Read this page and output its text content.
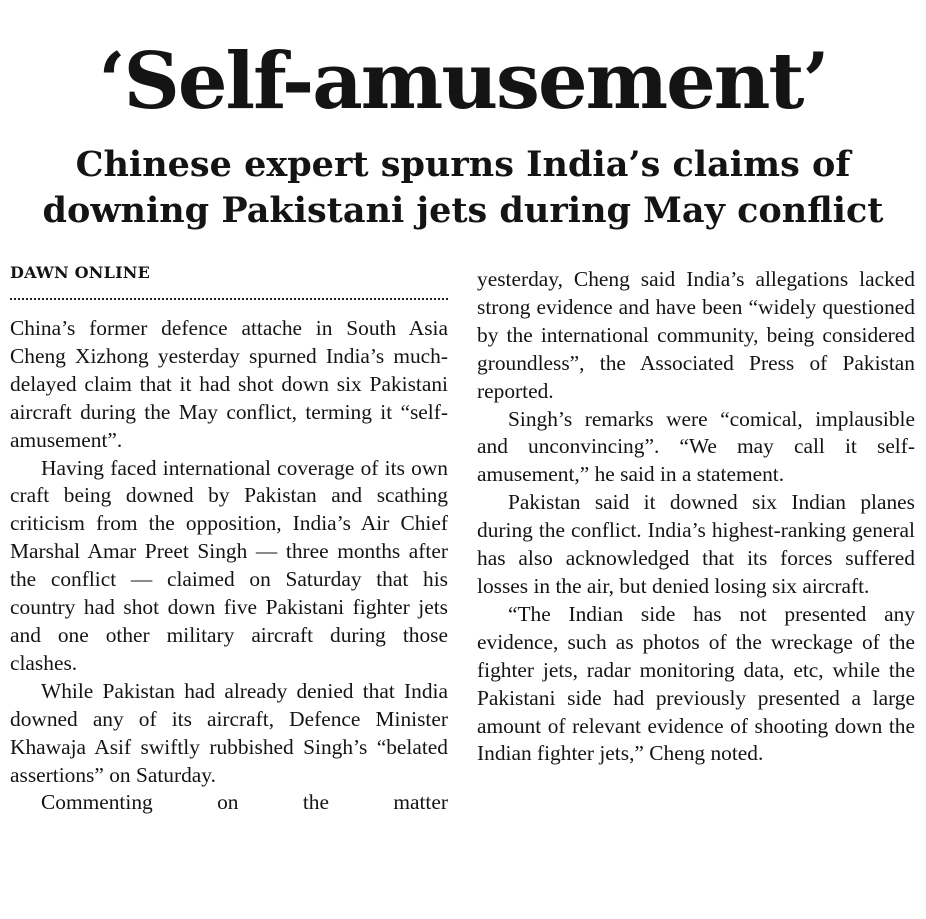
‘Self-amusement’
Chinese expert spurns India’s claims of
downing Pakistani jets during May conflict
DAWN ONLINE

China’s former defence attache in South Asia Cheng Xizhong yesterday spurned India’s much-delayed claim that it had shot down six Pakistani aircraft during the May conflict, terming it “self-amusement”.

Having faced international coverage of its own craft being downed by Pakistan and scathing criticism from the opposition, India’s Air Chief Marshal Amar Preet Singh — three months after the conflict — claimed on Saturday that his country had shot down five Pakistani fighter jets and one other military aircraft during those clashes.

While Pakistan had already denied that India downed any of its aircraft, Defence Minister Khawaja Asif swiftly rubbished Singh’s “belated assertions” on Saturday.

Commenting on the matter

yesterday, Cheng said India’s allegations lacked strong evidence and have been “widely questioned by the international community, being considered groundless”, the Associated Press of Pakistan reported.

Singh’s remarks were “comical, implausible and unconvincing”. “We may call it self-amusement,” he said in a statement.

Pakistan said it downed six Indian planes during the conflict. India’s highest-ranking general has also acknowledged that its forces suffered losses in the air, but denied losing six aircraft.

“The Indian side has not presented any evidence, such as photos of the wreckage of the fighter jets, radar monitoring data, etc, while the Pakistani side had previously presented a large amount of relevant evidence of shooting down the Indian fighter jets,” Cheng noted.
